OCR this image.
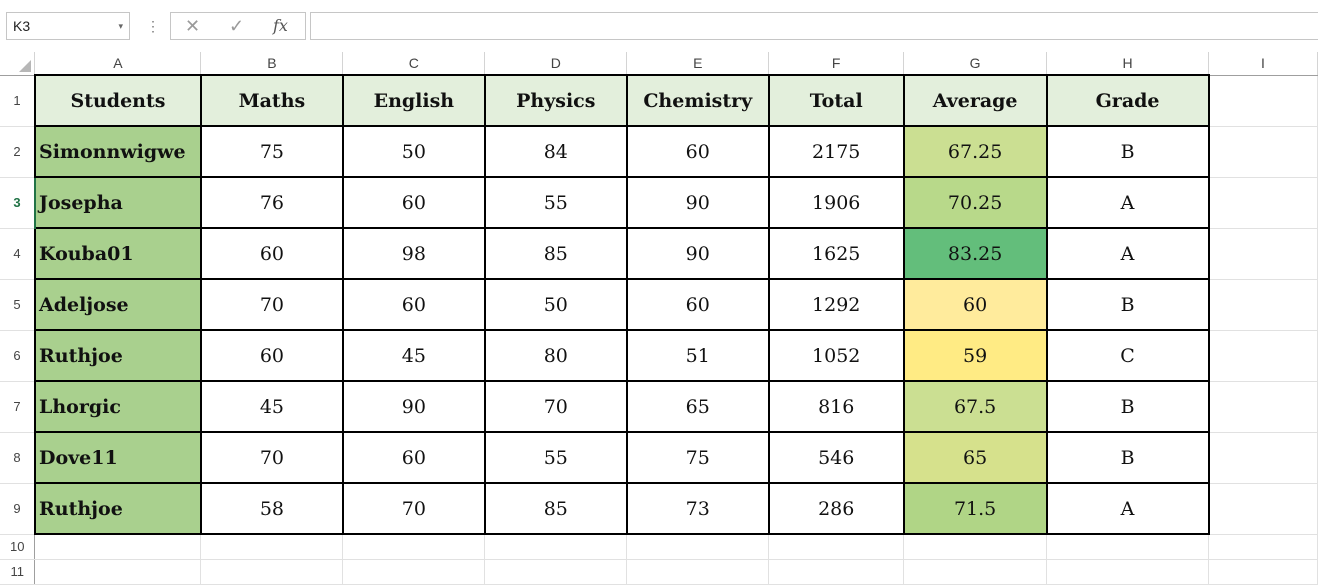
K3	▾ ⋮ ✕ ✓ fx
	A	B	C	D	E	F	G	H	I
1	Students	Maths	English	Physics	Chemistry	Total	Average	Grade	
2	Simonnwigwe	75	50	84	60	2175	67.25	B	
3	Josepha	76	60	55	90	1906	70.25	A	
4	Kouba01	60	98	85	90	1625	83.25	A	
5	Adeljose	70	60	50	60	1292	60	B	
6	Ruthjoe	60	45	80	51	1052	59	C	
7	Lhorgic	45	90	70	65	816	67.5	B	
8	Dove11	70	60	55	75	546	65	B	
9	Ruthjoe	58	70	85	73	286	71.5	A	
10									
11									
